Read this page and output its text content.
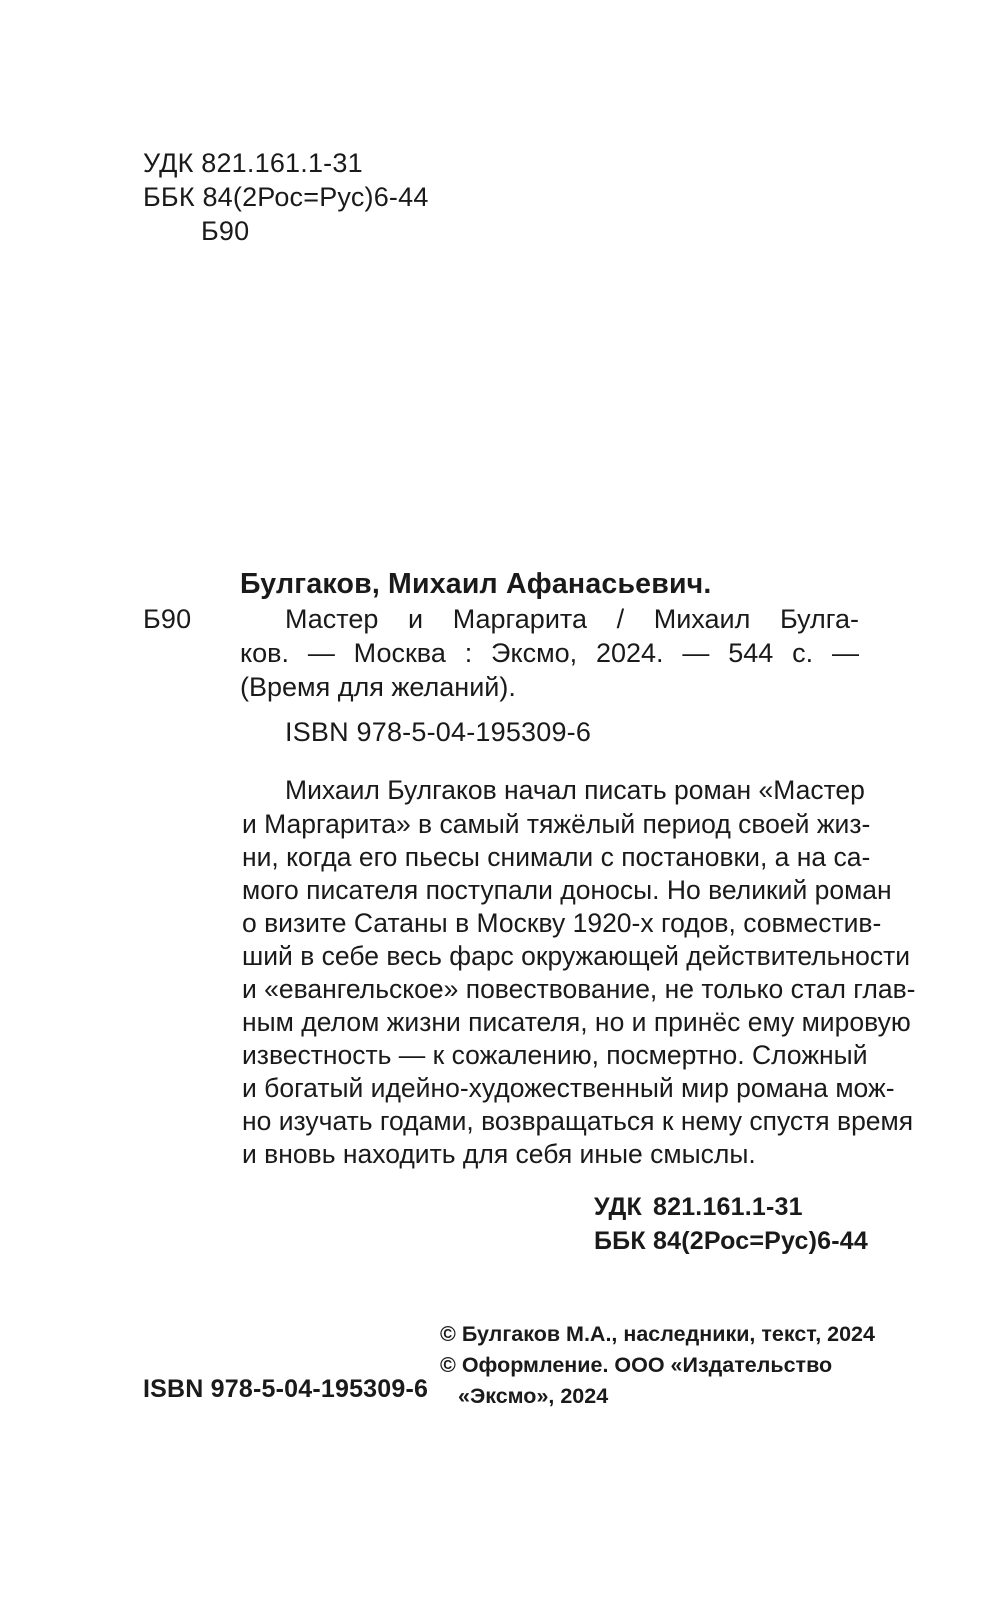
УДК 821.161.1-31
ББК 84(2Рос=Рус)6-44
Б90
Булгаков, Михаил Афанасьевич.
Б90	Мастер и Маргарита / Михаил Булга-
ков. — Москва : Эксмо, 2024. — 544 с. —
(Время для желаний).
ISBN 978-5-04-195309-6
Михаил Булгаков начал писать роман «Мастер
и Маргарита» в самый тяжёлый период своей жиз-
ни, когда его пьесы снимали с постановки, а на са-
мого писателя поступали доносы. Но великий роман
о визите Сатаны в Москву 1920-х годов, совместив-
ший в себе весь фарс окружающей действительности
и «евангельское» повествование, не только стал глав-
ным делом жизни писателя, но и принёс ему мировую
известность — к сожалению, посмертно. Сложный
и богатый идейно-художественный мир романа мож-
но изучать годами, возвращаться к нему спустя время
и вновь находить для себя иные смыслы.
УДК 821.161.1-31
ББК 84(2Рос=Рус)6-44
ISBN 978-5-04-195309-6
© Булгаков М.А., наследники, текст, 2024
© Оформление. ООО «Издательство
«Эксмо», 2024
